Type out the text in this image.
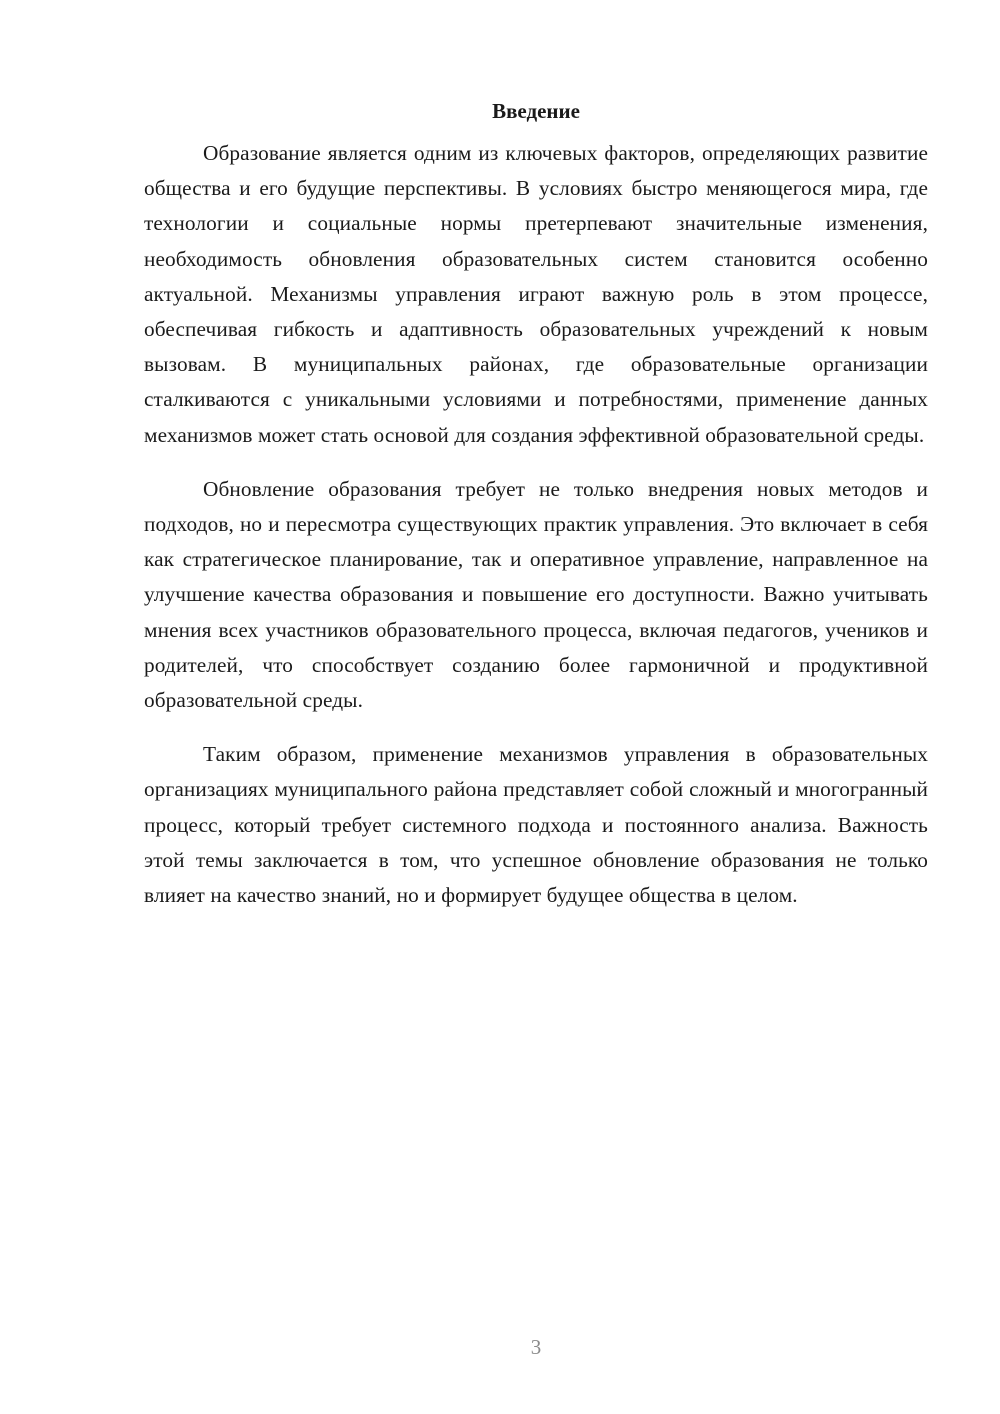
Введение

Образование является одним из ключевых факторов, определяющих развитие общества и его будущие перспективы. В условиях быстро меняющегося мира, где технологии и социальные нормы претерпевают значительные изменения, необходимость обновления образовательных систем становится особенно актуальной. Механизмы управления играют важную роль в этом процессе, обеспечивая гибкость и адаптивность образовательных учреждений к новым вызовам. В муниципальных районах, где образовательные организации сталкиваются с уникальными условиями и потребностями, применение данных механизмов может стать основой для создания эффективной образовательной среды.

Обновление образования требует не только внедрения новых методов и подходов, но и пересмотра существующих практик управления. Это включает в себя как стратегическое планирование, так и оперативное управление, направленное на улучшение качества образования и повышение его доступности. Важно учитывать мнения всех участников образовательного процесса, включая педагогов, учеников и родителей, что способствует созданию более гармоничной и продуктивной образовательной среды.

Таким образом, применение механизмов управления в образовательных организациях муниципального района представляет собой сложный и многогранный процесс, который требует системного подхода и постоянного анализа. Важность этой темы заключается в том, что успешное обновление образования не только влияет на качество знаний, но и формирует будущее общества в целом.

3
